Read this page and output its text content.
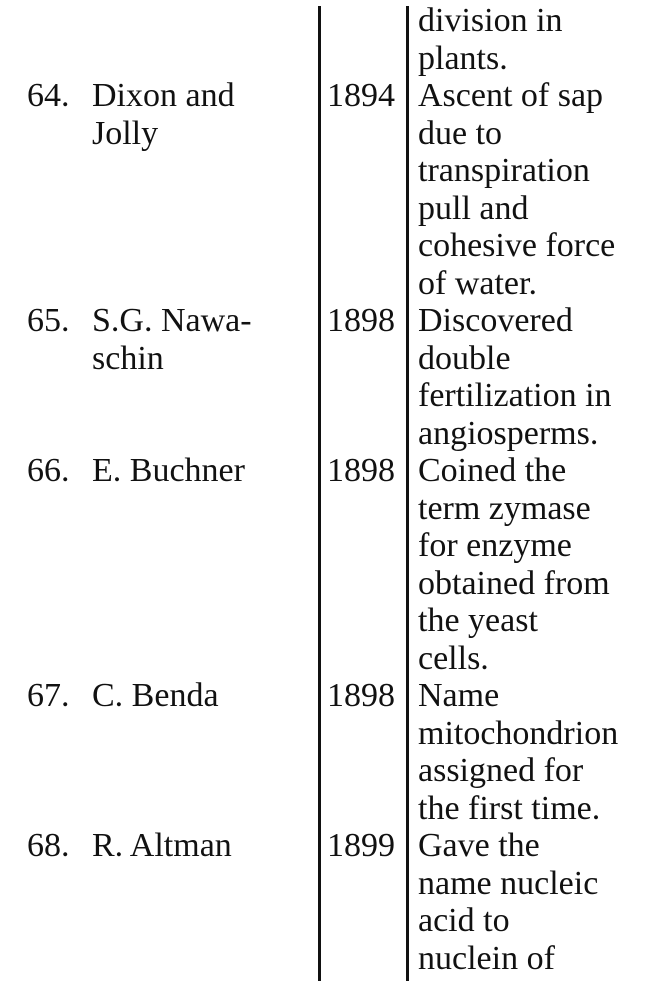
division in
plants.
64. Dixon and
Jolly
1894 Ascent of sap
due to
transpiration
pull and
cohesive force
of water.
65. S.G. Nawa-
schin
1898 Discovered
double
fertilization in
angiosperms.
66. E. Buchner 1898 Coined the
term zymase
for enzyme
obtained from
the yeast
cells.
67. C. Benda	1898 Name
mitochondrion
assigned for
the first time.
68. R. Altman	1899 Gave the
name nucleic
acid to
nuclein of
